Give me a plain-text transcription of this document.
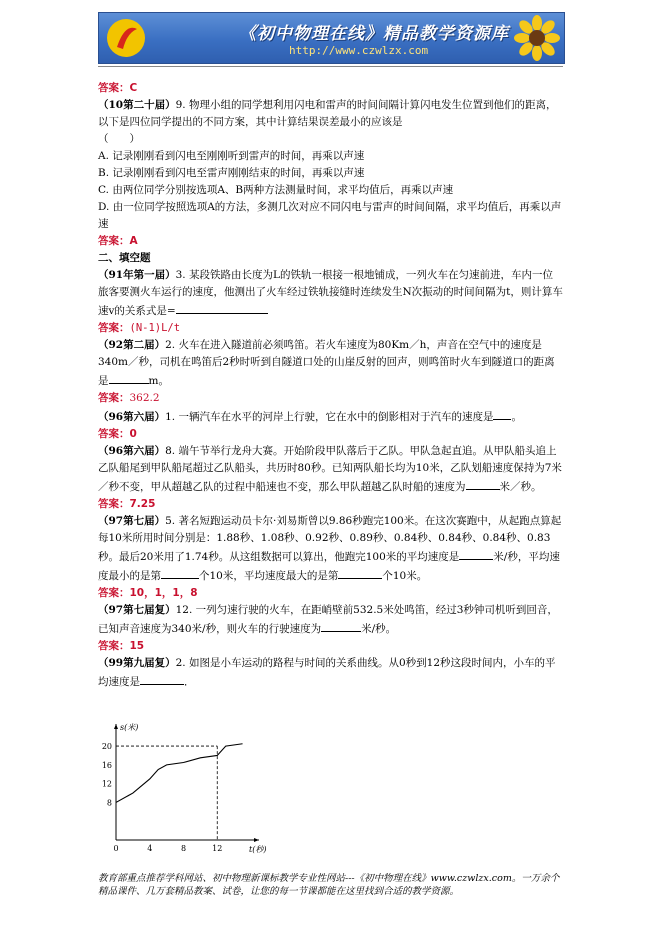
《初中物理在线》精品教学资源库
http://www.czwlzx.com

答案：C

（10第二十届）9. 物理小组的同学想利用闪电和雷声的时间间隔计算闪电发生位置到他们的距离，以下是四位同学提出的不同方案，其中计算结果误差最小的应该是

（　　）

A. 记录刚刚看到闪电至刚刚听到雷声的时间，再乘以声速

B. 记录刚刚看到闪电至雷声刚刚结束的时间，再乘以声速

C. 由两位同学分别按选项A、B两种方法测量时间，求平均值后，再乘以声速

D. 由一位同学按照选项A的方法，多测几次对应不同闪电与雷声的时间间隔，求平均值后，再乘以声速

答案：A

二、填空题

（91年第一届）3. 某段铁路由长度为L的铁轨一根接一根地铺成，一列火车在匀速前进，车内一位旅客要测火车运行的速度，他测出了火车经过铁轨接缝时连续发生N次振动的时间间隔为t，则计算车速v的关系式是=

答案：(N-1)L/t

（92第二届）2. 火车在进入隧道前必须鸣笛。若火车速度为80Km／h，声音在空气中的速度是340m／秒，司机在鸣笛后2秒时听到自隧道口处的山崖反射的回声，则鸣笛时火车到隧道口的距离是	m。

答案：362.2

（96第六届）1. 一辆汽车在水平的河岸上行驶，它在水中的倒影相对于汽车的速度是 。

答案：0

（96第六届）8. 端午节举行龙舟大赛。开始阶段甲队落后于乙队。甲队急起直追。从甲队船头追上乙队船尾到甲队船尾超过乙队船头，共历时80秒。已知两队船长均为10米，乙队划船速度保持为7米／秒不变，甲从超越乙队的过程中船速也不变，那么甲队超越乙队时船的速度为	米／秒。

答案：7.25

（97第七届）5. 著名短跑运动员卡尔·刘易斯曾以9.86秒跑完100米。在这次赛跑中，从起跑点算起每10米所用时间分别是：1.88秒、1.08秒、0.92秒、0.89秒、0.84秒、0.84秒、0.84秒、0.83秒。最后20米用了1.74秒。从这组数据可以算出，他跑完100米的平均速度是	米/秒，平均速度最小的是第	个10米，平均速度最大的是第	个10米。

答案：10，1，1，8

（97第七届复）12. 一列匀速行驶的火车，在距峭壁前532.5米处鸣笛，经过3秒钟司机听到回音，已知声音速度为340米/秒，则火车的行驶速度为	米/秒。

答案：15

（99第九届复）2. 如图是小车运动的路程与时间的关系曲线。从0秒到12秒这段时间内，小车的平均速度是	．

0	4	8	12
8
12
16
20
s(米)
t(秒)
教育部重点推荐学科网站、初中物理新课标教学专业性网站---《初中物理在线》www.czwlzx.com。一万余个精品课件、几万套精品教案、试卷，让您的每一节课都能在这里找到合适的教学资源。
